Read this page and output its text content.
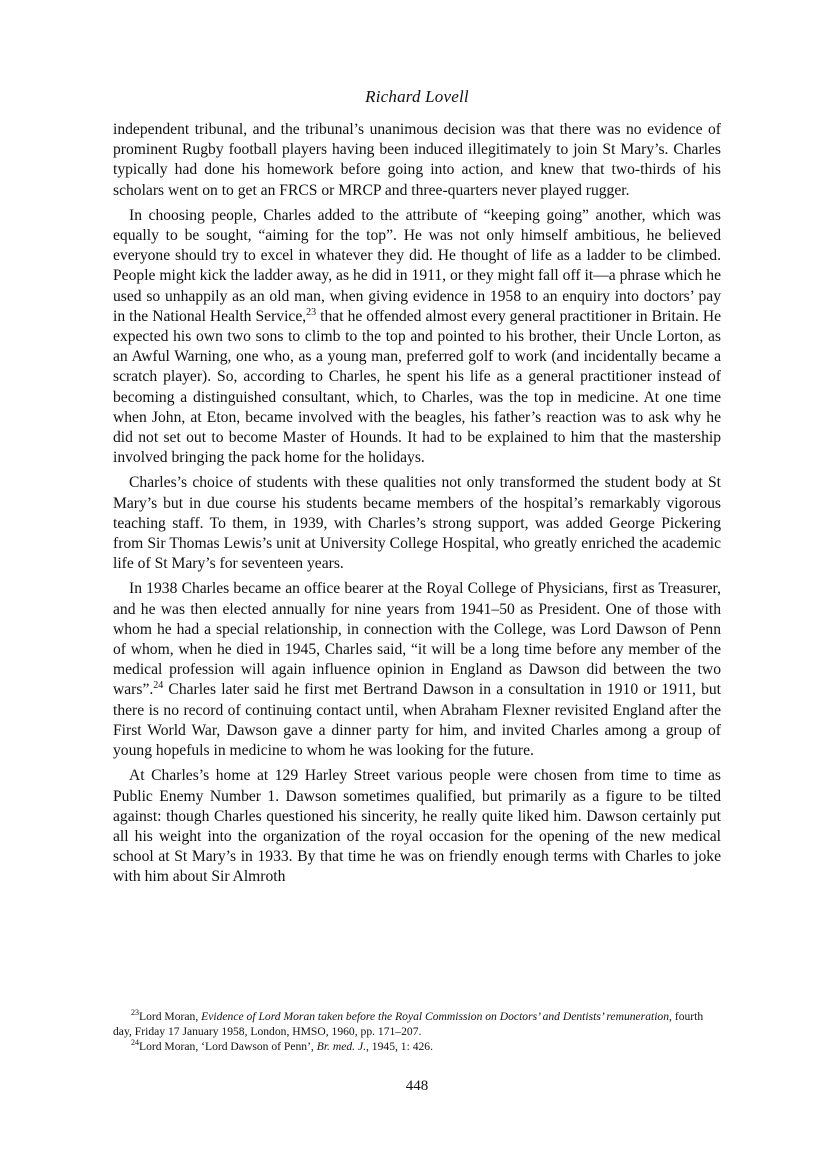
Richard Lovell

independent tribunal, and the tribunal’s unanimous decision was that there was no evidence of prominent Rugby football players having been induced illegitimately to join St Mary’s. Charles typically had done his homework before going into action, and knew that two-thirds of his scholars went on to get an FRCS or MRCP and three-quarters never played rugger.

In choosing people, Charles added to the attribute of “keeping going” another, which was equally to be sought, “aiming for the top”. He was not only himself ambitious, he believed everyone should try to excel in whatever they did. He thought of life as a ladder to be climbed. People might kick the ladder away, as he did in 1911, or they might fall off it—a phrase which he used so unhappily as an old man, when giving evidence in 1958 to an enquiry into doctors’ pay in the National Health Service,$^{23}$ that he offended almost every general practitioner in Britain. He expected his own two sons to climb to the top and pointed to his brother, their Uncle Lorton, as an Awful Warning, one who, as a young man, preferred golf to work (and incidentally became a scratch player). So, according to Charles, he spent his life as a general practitioner instead of becoming a distinguished consultant, which, to Charles, was the top in medicine. At one time when John, at Eton, became involved with the beagles, his father’s reaction was to ask why he did not set out to become Master of Hounds. It had to be explained to him that the mastership involved bringing the pack home for the holidays.

Charles’s choice of students with these qualities not only transformed the student body at St Mary’s but in due course his students became members of the hospital’s remarkably vigorous teaching staff. To them, in 1939, with Charles’s strong support, was added George Pickering from Sir Thomas Lewis’s unit at University College Hospital, who greatly enriched the academic life of St Mary’s for seventeen years.

In 1938 Charles became an office bearer at the Royal College of Physicians, first as Treasurer, and he was then elected annually for nine years from 1941–50 as President. One of those with whom he had a special relationship, in connection with the College, was Lord Dawson of Penn of whom, when he died in 1945, Charles said, “it will be a long time before any member of the medical profession will again influence opinion in England as Dawson did between the two wars”.$^{24}$ Charles later said he first met Bertrand Dawson in a consultation in 1910 or 1911, but there is no record of continuing contact until, when Abraham Flexner revisited England after the First World War, Dawson gave a dinner party for him, and invited Charles among a group of young hopefuls in medicine to whom he was looking for the future.

At Charles’s home at 129 Harley Street various people were chosen from time to time as Public Enemy Number 1. Dawson sometimes qualified, but primarily as a figure to be tilted against: though Charles questioned his sincerity, he really quite liked him. Dawson certainly put all his weight into the organization of the royal occasion for the opening of the new medical school at St Mary’s in 1933. By that time he was on friendly enough terms with Charles to joke with him about Sir Almroth

$^{23}$Lord Moran, Evidence of Lord Moran taken before the Royal Commission on Doctors’ and Dentists’ remuneration, fourth day, Friday 17 January 1958, London, HMSO, 1960, pp. 171–207.

$^{24}$Lord Moran, ‘Lord Dawson of Penn’, Br. med. J., 1945, 1: 426.

448
